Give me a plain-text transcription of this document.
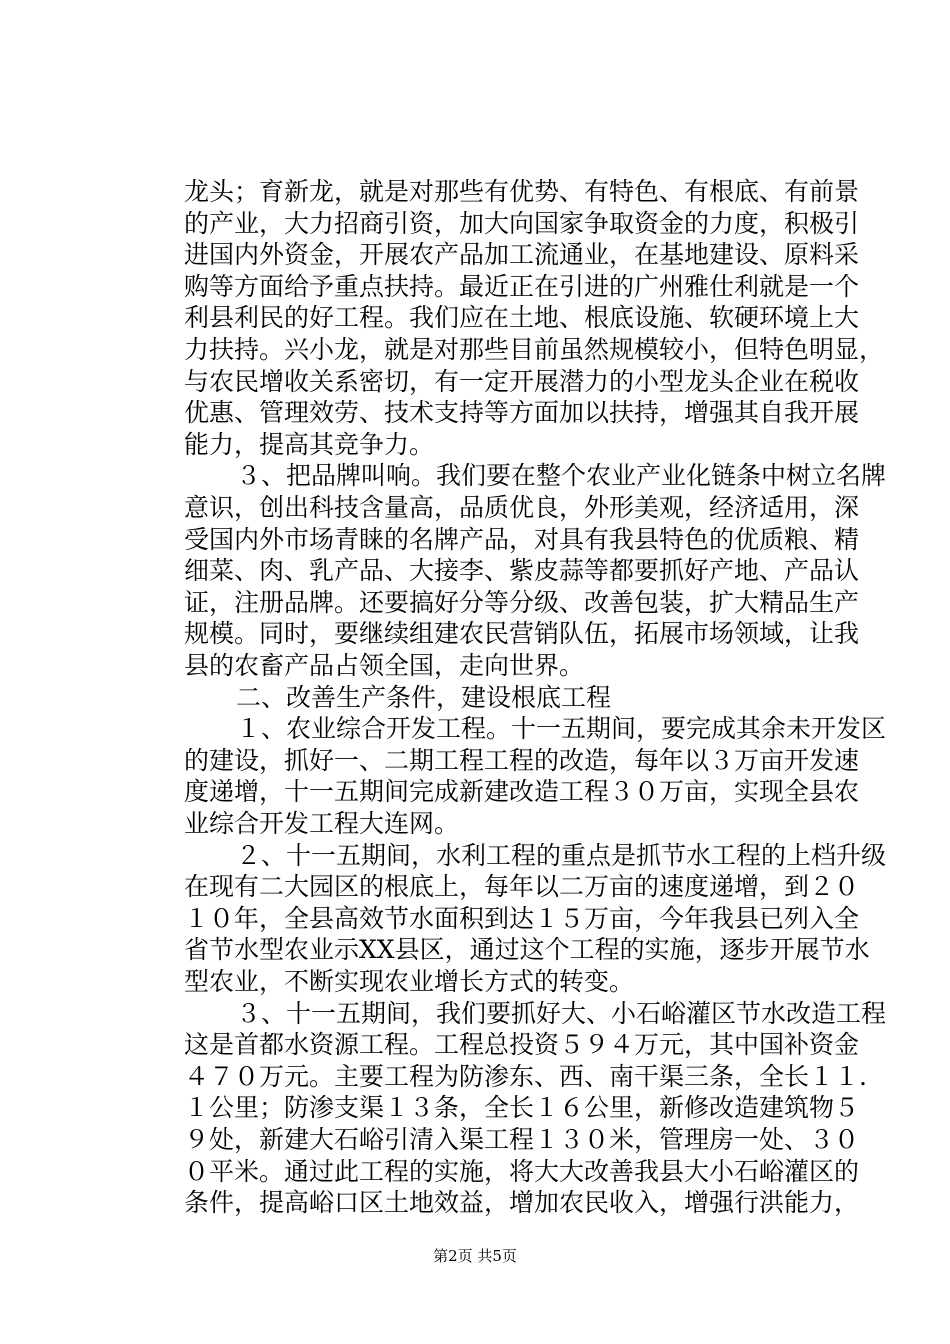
龙头；育新龙，就是对那些有优势、有特色、有根底、有前景
的产业，大力招商引资，加大向国家争取资金的力度，积极引
进国内外资金，开展农产品加工流通业，在基地建设、原料采
购等方面给予重点扶持。最近正在引进的广州雅仕利就是一个
利县利民的好工程。我们应在土地、根底设施、软硬环境上大
力扶持。兴小龙，就是对那些目前虽然规模较小，但特色明显，
与农民增收关系密切，有一定开展潜力的小型龙头企业在税收
优惠、管理效劳、技术支持等方面加以扶持，增强其自我开展
能力，提高其竞争力。
３、把品牌叫响。我们要在整个农业产业化链条中树立名牌
意识，创出科技含量高，品质优良，外形美观，经济适用，深
受国内外市场青睐的名牌产品，对具有我县特色的优质粮、精
细菜、肉、乳产品、大接李、紫皮蒜等都要抓好产地、产品认
证，注册品牌。还要搞好分等分级、改善包装，扩大精品生产
规模。同时，要继续组建农民营销队伍，拓展市场领域，让我
县的农畜产品占领全国，走向世界。
二、改善生产条件，建设根底工程
１、农业综合开发工程。十一五期间，要完成其余未开发区
的建设，抓好一、二期工程工程的改造，每年以３万亩开发速
度递增，十一五期间完成新建改造工程３０万亩，实现全县农
业综合开发工程大连网。
２、十一五期间，水利工程的重点是抓节水工程的上档升级
在现有二大园区的根底上，每年以二万亩的速度递增，到２０
１０年，全县高效节水面积到达１５万亩，今年我县已列入全
省节水型农业示XX县区，通过这个工程的实施，逐步开展节水
型农业，不断实现农业增长方式的转变。
３、十一五期间，我们要抓好大、小石峪灌区节水改造工程
这是首都水资源工程。工程总投资５９４万元，其中国补资金
４７０万元。主要工程为防渗东、西、南干渠三条，全长１１.
１公里；防渗支渠１３条，全长１６公里，新修改造建筑物５
９处，新建大石峪引清入渠工程１３０米，管理房一处、３０
０平米。通过此工程的实施，将大大改善我县大小石峪灌区的
条件，提高峪口区土地效益，增加农民收入，增强行洪能力，
第2页 共5页
